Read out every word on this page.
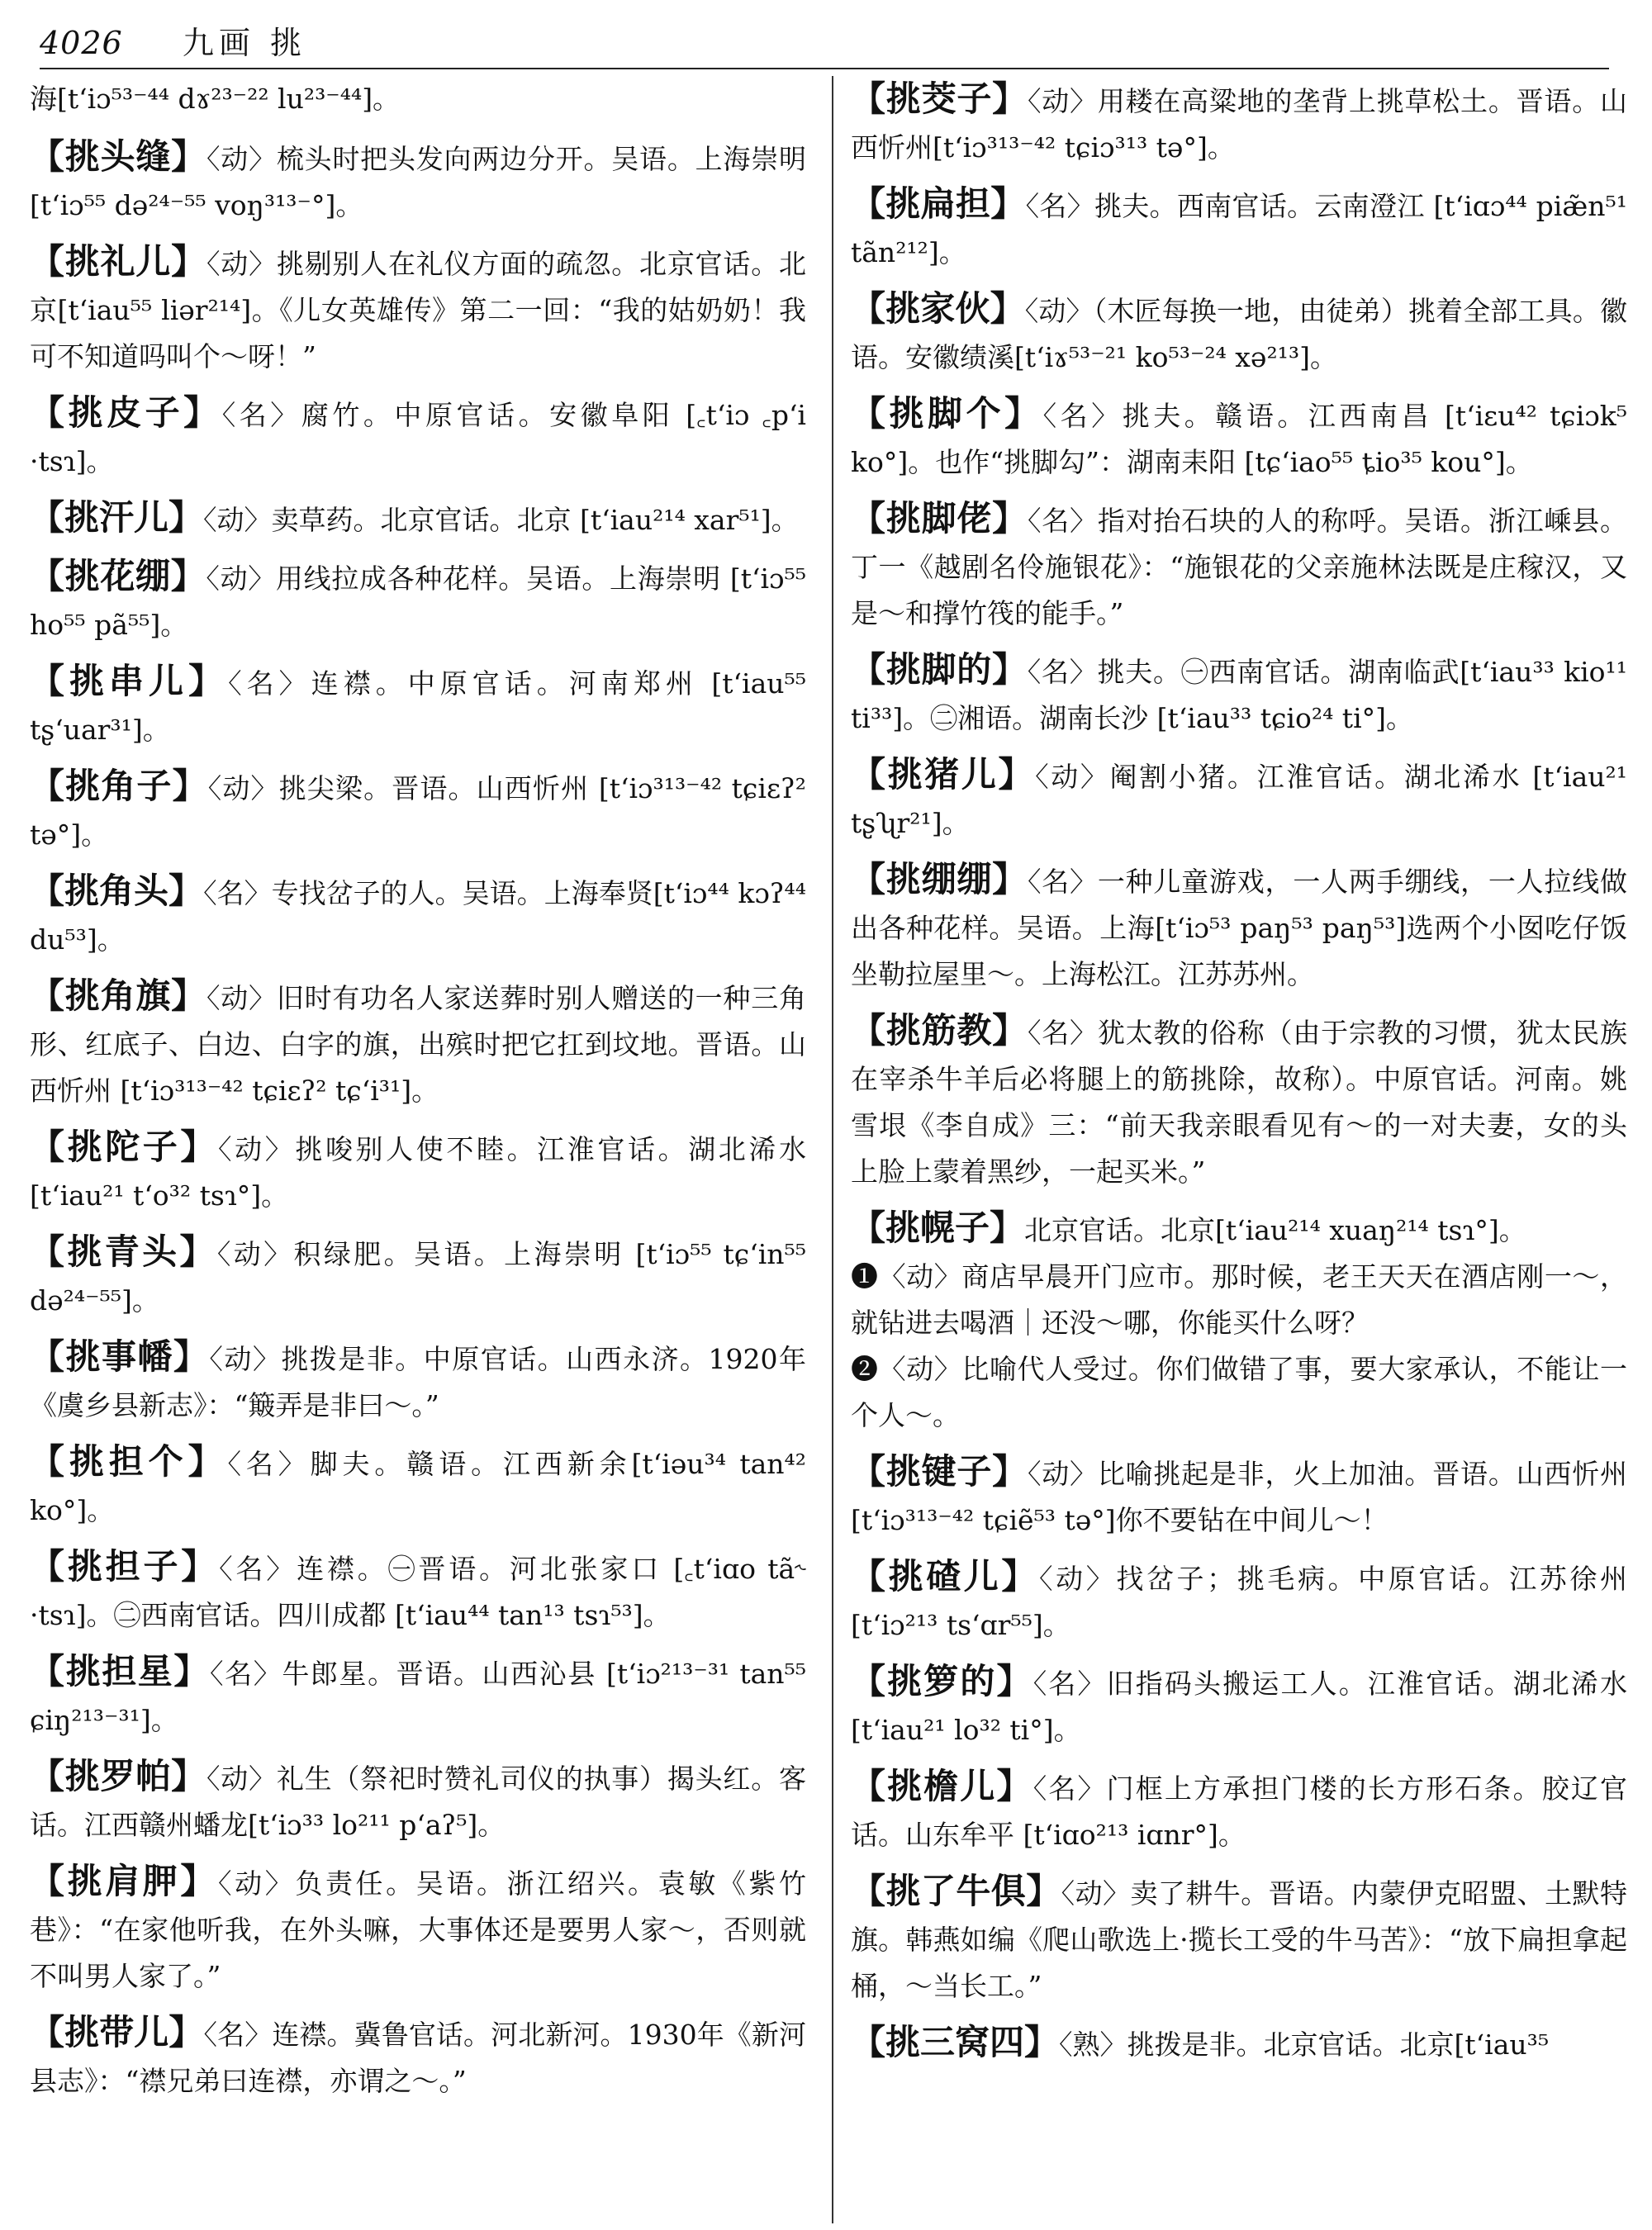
4026 九画 挑

海[tʻiɔ⁵³⁻⁴⁴ dɤ²³⁻²² lu²³⁻⁴⁴]。

【挑头缝】〈动〉梳头时把头发向两边分开。吴语。上海崇明[tʻiɔ⁵⁵ də²⁴⁻⁵⁵ voŋ³¹³⁻°]。

【挑礼儿】〈动〉挑剔别人在礼仪方面的疏忽。北京官话。北京[tʻiau⁵⁵ liər²¹⁴]。《儿女英雄传》第二一回：“我的姑奶奶！我可不知道吗叫个～呀！”

【挑皮子】〈名〉腐竹。中原官话。安徽阜阳 [꜀tʻiɔ ꜀pʻi ·tsɿ]。

【挑汗儿】〈动〉卖草药。北京官话。北京 [tʻiau²¹⁴ xar⁵¹]。

【挑花绷】〈动〉用线拉成各种花样。吴语。上海崇明 [tʻiɔ⁵⁵ ho⁵⁵ pã⁵⁵]。

【挑串儿】〈名〉连襟。中原官话。河南郑州 [tʻiau⁵⁵ tʂʻuar³¹]。

【挑角子】〈动〉挑尖梁。晋语。山西忻州 [tʻiɔ³¹³⁻⁴² tɕiɛʔ² tə°]。

【挑角头】〈名〉专找岔子的人。吴语。上海奉贤[tʻiɔ⁴⁴ kɔʔ⁴⁴ du⁵³]。

【挑角旗】〈动〉旧时有功名人家送葬时别人赠送的一种三角形、红底子、白边、白字的旗，出殡时把它扛到坟地。晋语。山西忻州 [tʻiɔ³¹³⁻⁴² tɕiɛʔ² tɕʻi³¹]。

【挑陀子】〈动〉挑唆别人使不睦。江淮官话。湖北浠水[tʻiau²¹ tʻo³² tsɿ°]。

【挑青头】〈动〉积绿肥。吴语。上海崇明 [tʻiɔ⁵⁵ tɕʻin⁵⁵ də²⁴⁻⁵⁵]。

【挑事幡】〈动〉挑拨是非。中原官话。山西永济。1920年《虞乡县新志》：“簸弄是非曰～。”

【挑担个】〈名〉脚夫。赣语。江西新余[tʻiəu³⁴ tan⁴² ko°]。

【挑担子】〈名〉连襟。㊀晋语。河北张家口 [꜀tʻiɑo tã˞ ·tsɿ]。㊁西南官话。四川成都 [tʻiau⁴⁴ tan¹³ tsɿ⁵³]。

【挑担星】〈名〉牛郎星。晋语。山西沁县 [tʻiɔ²¹³⁻³¹ tan⁵⁵ ɕiŋ²¹³⁻³¹]。

【挑罗帕】〈动〉礼生（祭祀时赞礼司仪的执事）揭头红。客话。江西赣州蟠龙[tʻiɔ³³ lo²¹¹ pʻaʔ⁵]。

【挑肩胛】〈动〉负责任。吴语。浙江绍兴。袁敏《紫竹巷》：“在家他听我，在外头嘛，大事体还是要男人家～，否则就不叫男人家了。”

【挑带儿】〈名〉连襟。冀鲁官话。河北新河。1930年《新河县志》：“襟兄弟曰连襟，亦谓之～。”

【挑茭子】〈动〉用耧在高粱地的垄背上挑草松土。晋语。山西忻州[tʻiɔ³¹³⁻⁴² tɕiɔ³¹³ tə°]。

【挑扁担】〈名〉挑夫。西南官话。云南澄江 [tʻiɑɔ⁴⁴ piæ̃n⁵¹ tãn²¹²]。

【挑家伙】〈动〉（木匠每换一地，由徒弟）挑着全部工具。徽语。安徽绩溪[tʻiɤ⁵³⁻²¹ ko⁵³⁻²⁴ xə²¹³]。

【挑脚个】〈名〉挑夫。赣语。江西南昌 [tʻiɛu⁴² tɕiɔk⁵ ko°]。也作“挑脚勾”：湖南耒阳 [tɕʻiao⁵⁵ ȶio³⁵ kou°]。

【挑脚佬】〈名〉指对抬石块的人的称呼。吴语。浙江嵊县。丁一《越剧名伶施银花》：“施银花的父亲施林法既是庄稼汉，又是～和撑竹筏的能手。”

【挑脚的】〈名〉挑夫。㊀西南官话。湖南临武[tʻiau³³ kio¹¹ ti³³]。㊁湘语。湖南长沙 [tʻiau³³ tɕio²⁴ ti°]。

【挑猪儿】〈动〉阉割小猪。江淮官话。湖北浠水 [tʻiau²¹ tʂʯr²¹]。

【挑绷绷】〈名〉一种儿童游戏，一人两手绷线，一人拉线做出各种花样。吴语。上海[tʻiɔ⁵³ paŋ⁵³ paŋ⁵³]选两个小囡吃仔饭坐勒拉屋里～。上海松江。江苏苏州。

【挑筋教】〈名〉犹太教的俗称（由于宗教的习惯，犹太民族在宰杀牛羊后必将腿上的筋挑除，故称）。中原官话。河南。姚雪垠《李自成》三：“前天我亲眼看见有～的一对夫妻，女的头上脸上蒙着黑纱，一起买米。”

【挑幌子】北京官话。北京[tʻiau²¹⁴ xuaŋ²¹⁴ tsɿ°]。
❶〈动〉商店早晨开门应市。那时候，老王天天在酒店刚一～，就钻进去喝酒｜还没～哪，你能买什么呀？
❷〈动〉比喻代人受过。你们做错了事，要大家承认，不能让一个人～。

【挑键子】〈动〉比喻挑起是非，火上加油。晋语。山西忻州[tʻiɔ³¹³⁻⁴² tɕiẽ⁵³ tə°]你不要钻在中间儿～！

【挑碴儿】〈动〉找岔子；挑毛病。中原官话。江苏徐州 [tʻiɔ²¹³ tsʻɑr⁵⁵]。

【挑箩的】〈名〉旧指码头搬运工人。江淮官话。湖北浠水[tʻiau²¹ lo³² ti°]。

【挑檐儿】〈名〉门框上方承担门楼的长方形石条。胶辽官话。山东牟平 [tʻiɑo²¹³ iɑnr°]。

【挑了牛俱】〈动〉卖了耕牛。晋语。内蒙伊克昭盟、土默特旗。韩燕如编《爬山歌选上·揽长工受的牛马苦》：“放下扁担拿起桶，～当长工。”

【挑三窝四】〈熟〉挑拨是非。北京官话。北京[tʻiau³⁵
